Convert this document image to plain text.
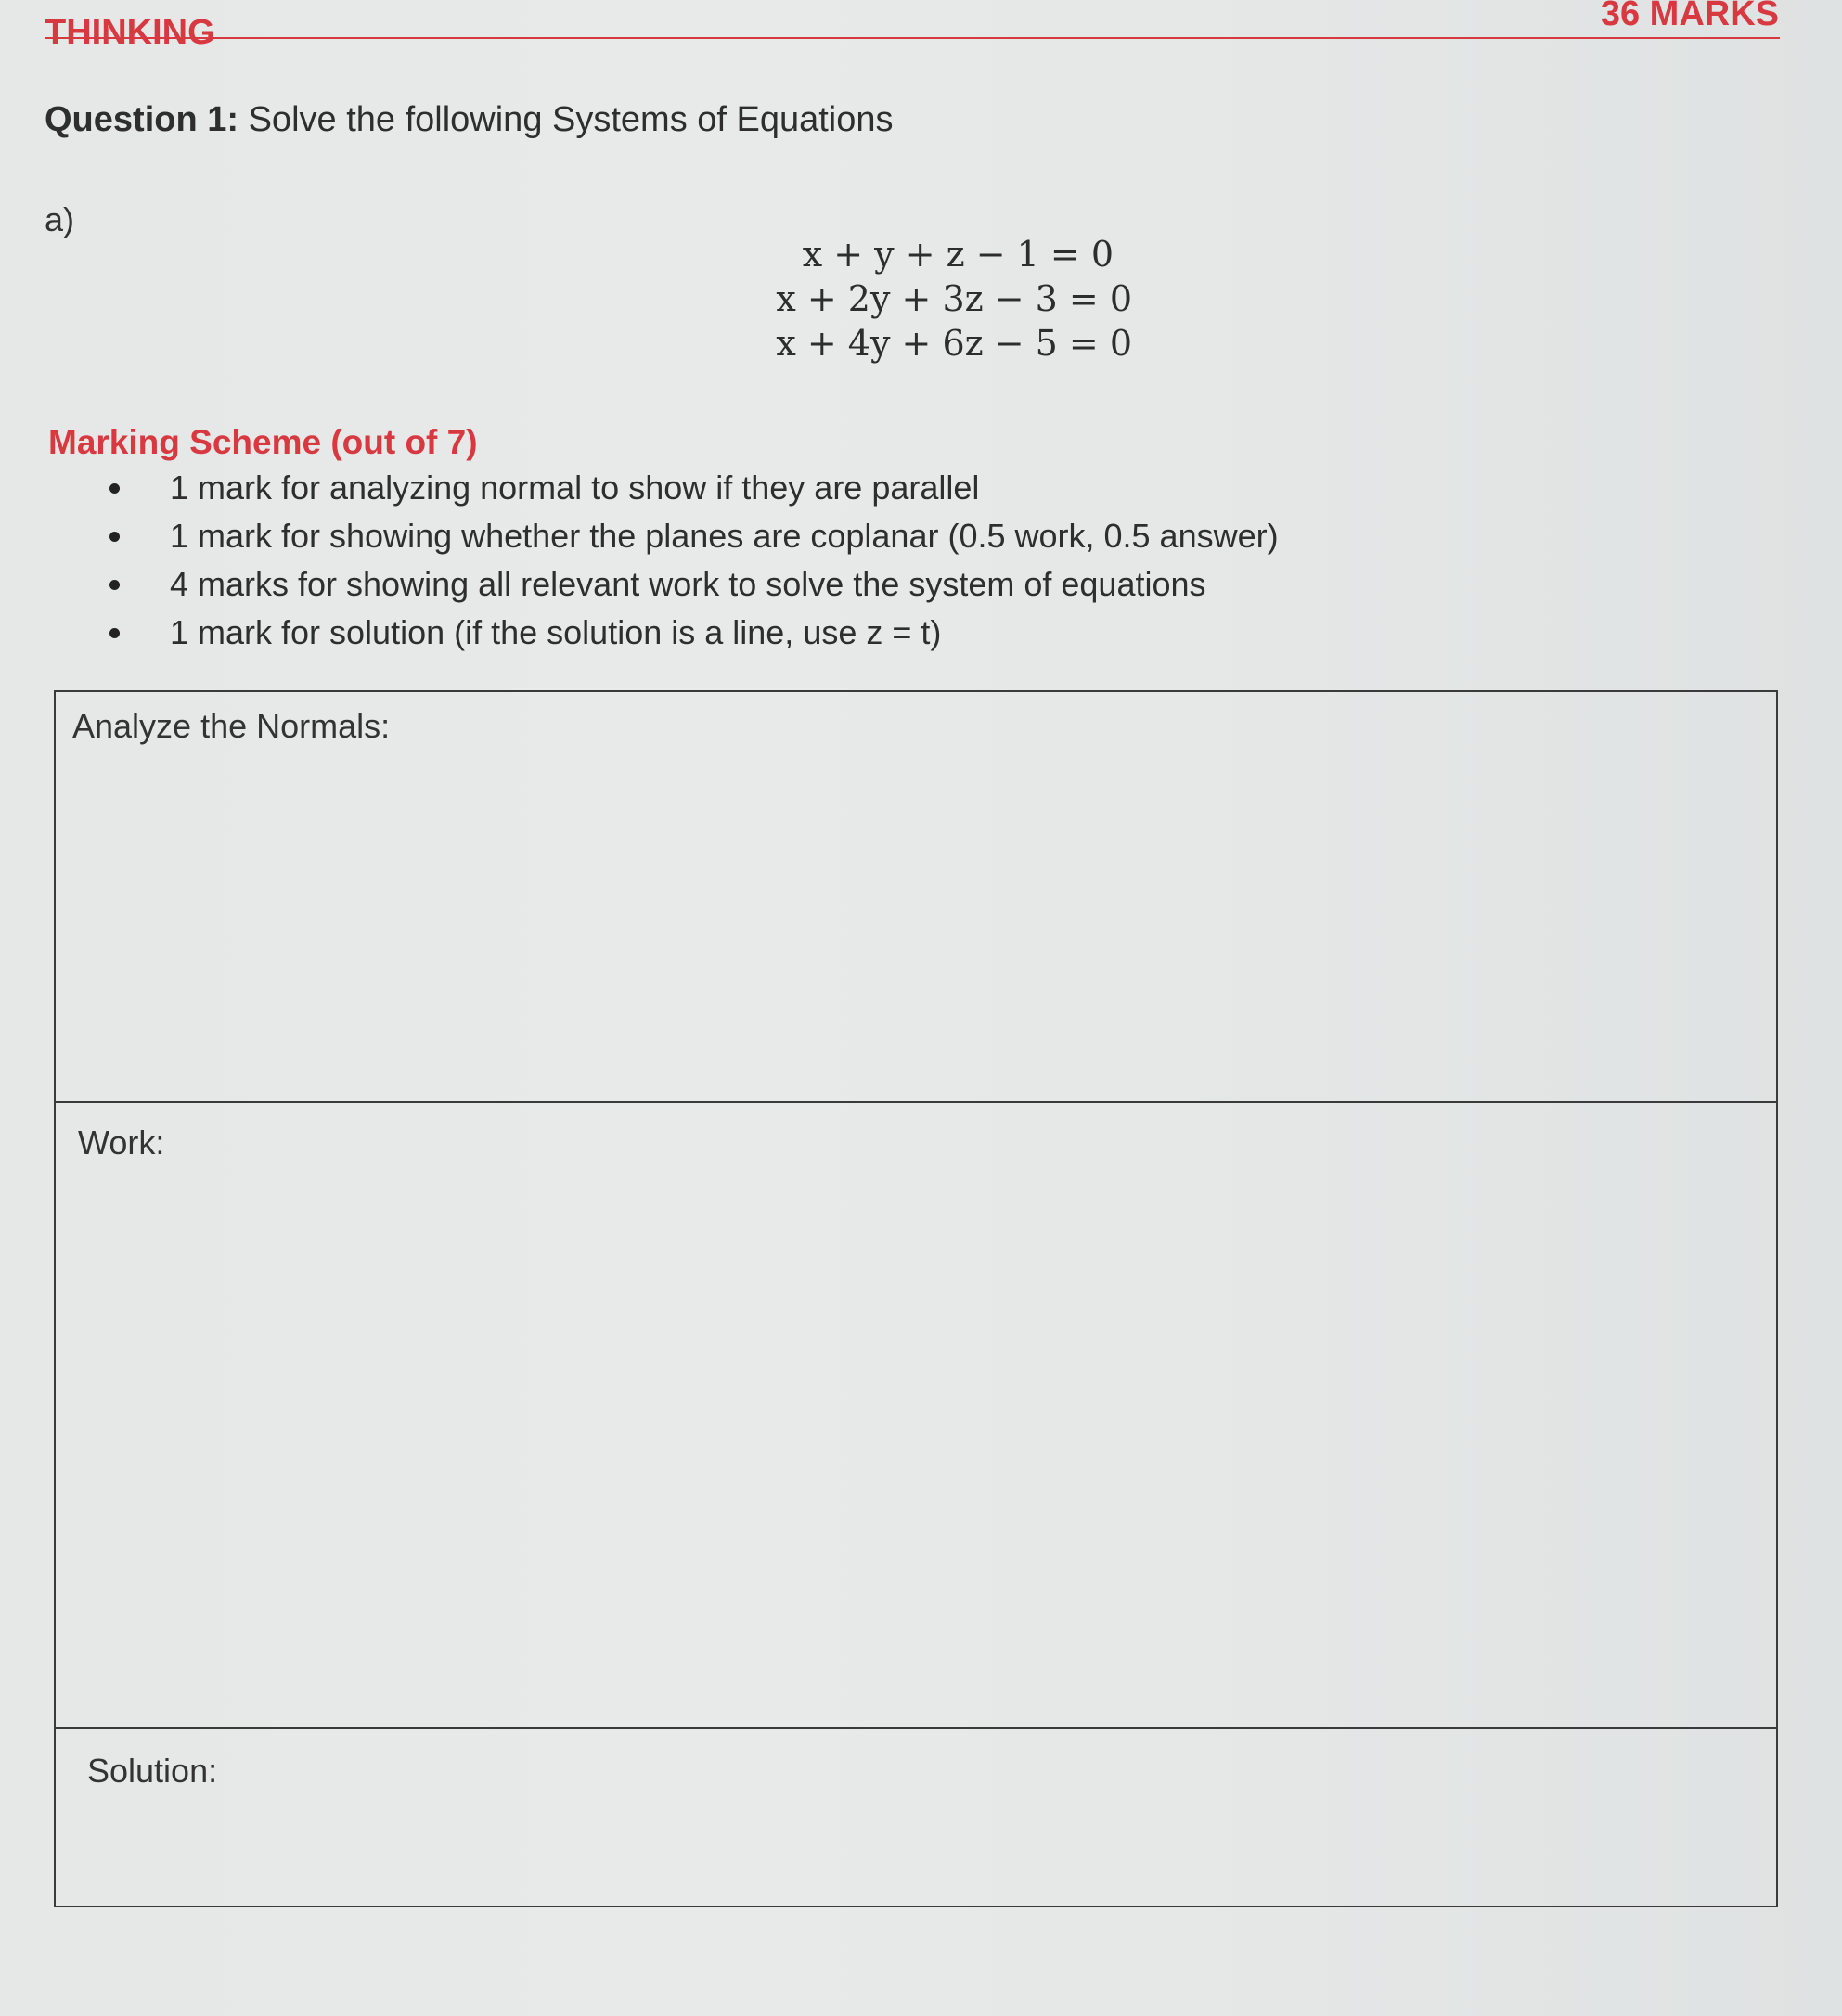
THINKING	36 MARKS
Question 1: Solve the following Systems of Equations
a)
x + y + z − 1 = 0
x + 2y + 3z − 3 = 0
x + 4y + 6z − 5 = 0
Marking Scheme (out of 7)
1 mark for analyzing normal to show if they are parallel
1 mark for showing whether the planes are coplanar (0.5 work, 0.5 answer)
4 marks for showing all relevant work to solve the system of equations
1 mark for solution (if the solution is a line, use z = t)
Analyze the Normals:
Work:
Solution:
